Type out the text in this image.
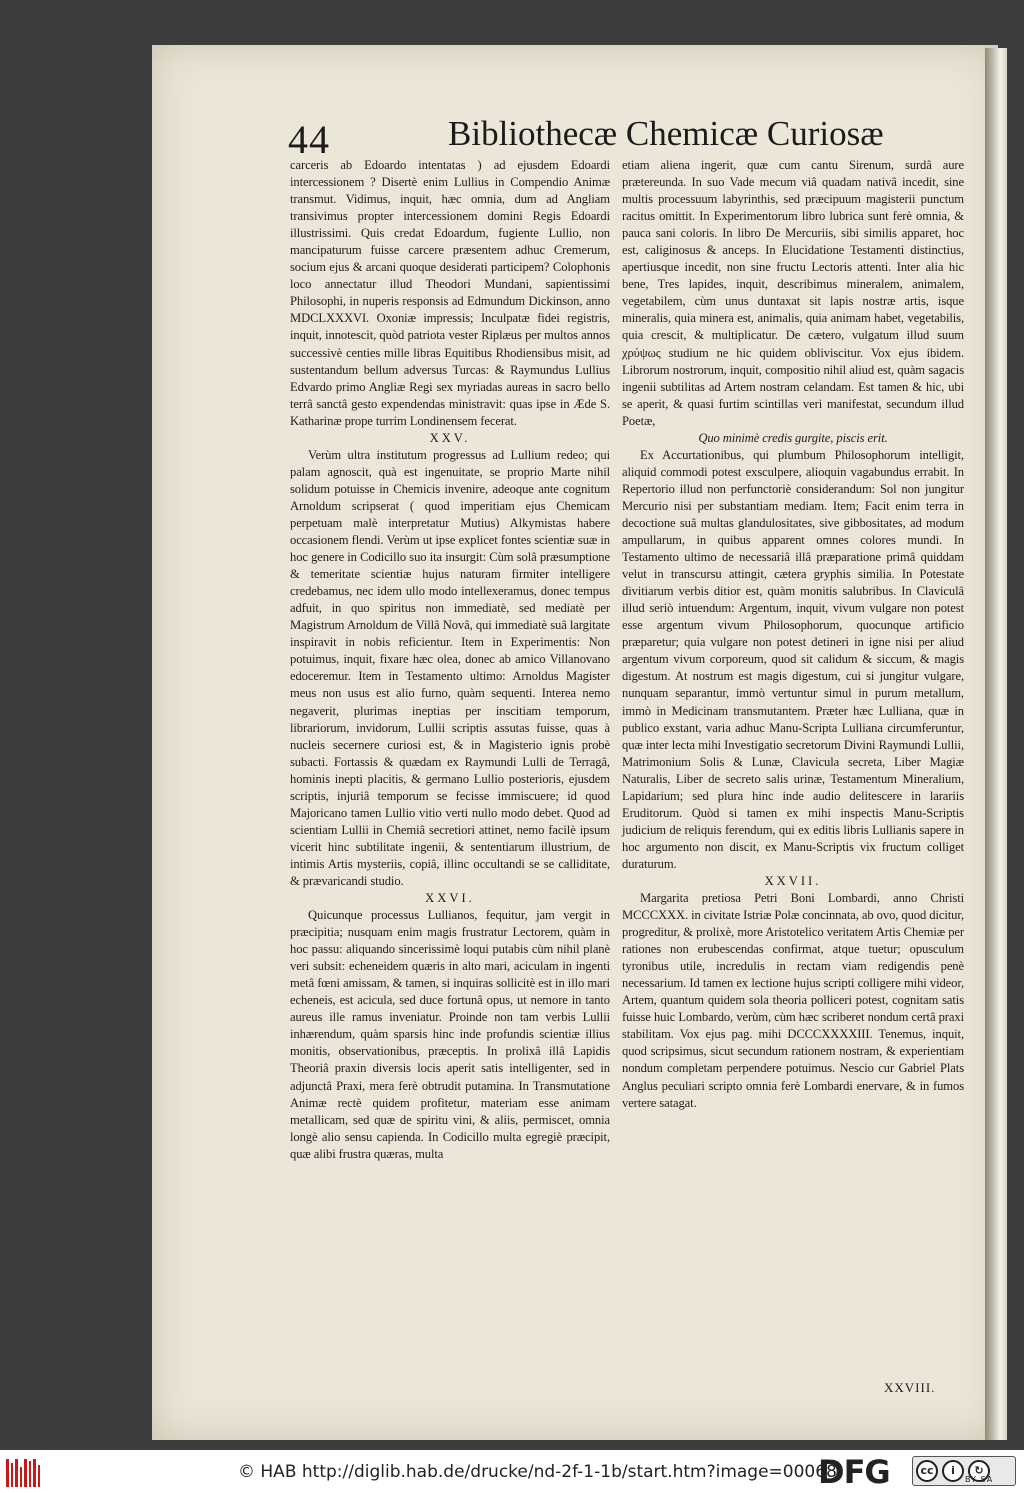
44	Bibliothecæ Chemicæ Curiosæ

carceris ab Edoardo intentatas ) ad ejusdem Edoardi intercessionem ? Disertè enim Lullius in Compendio Animæ transmut. Vidimus, inquit, hæc omnia, dum ad Angliam transivimus propter intercessionem domini Regis Edoardi illustrissimi. Quis credat Edoardum, fugiente Lullio, non mancipaturum fuisse carcere præsentem adhuc Cremerum, socium ejus & arcani quoque desiderati participem? Colophonis loco annectatur illud Theodori Mundani, sapientissimi Philosophi, in nuperis responsis ad Edmundum Dickinson, anno MDCLXXXVI. Oxoniæ impressis; Inculpatæ fidei registris, inquit, innotescit, quòd patriota vester Riplæus per multos annos successivè centies mille libras Equitibus Rhodiensibus misit, ad sustentandum bellum adversus Turcas: & Raymundus Lullius Edvardo primo Angliæ Regi sex myriadas aureas in sacro bello terrâ sanctâ gesto expendendas ministravit: quas ipse in Æde S. Katharinæ prope turrim Londinensem fecerat.

XXV.

Verùm ultra institutum progressus ad Lullium redeo; qui palam agnoscit, quà est ingenuitate, se proprio Marte nihil solidum potuisse in Chemicis invenire, adeoque ante cognitum Arnoldum scripserat ( quod imperitiam ejus Chemicam perpetuam malè interpretatur Mutius) Alkymistas habere occasionem flendi. Verùm ut ipse explicet fontes scientiæ suæ in hoc genere in Codicillo suo ita insurgit: Cùm solâ præsumptione & temeritate scientiæ hujus naturam firmiter intelligere credebamus, nec idem ullo modo intellexeramus, donec tempus adfuit, in quo spiritus non immediatè, sed mediatè per Magistrum Arnoldum de Villâ Novâ, qui immediatè suâ largitate inspiravit in nobis reficientur. Item in Experimentis: Non potuimus, inquit, fixare hæc olea, donec ab amico Villanovano edoceremur. Item in Testamento ultimo: Arnoldus Magister meus non usus est alio furno, quàm sequenti. Interea nemo negaverit, plurimas ineptias per inscitiam temporum, librariorum, invidorum, Lullii scriptis assutas fuisse, quas à nucleis secernere curiosi est, & in Magisterio ignis probè subacti. Fortassis & quædam ex Raymundi Lulli de Terragâ, hominis inepti placitis, & germano Lullio posterioris, ejusdem scriptis, injuriâ temporum se fecisse immiscuere; id quod Majoricano tamen Lullio vitio verti nullo modo debet. Quod ad scientiam Lullii in Chemiâ secretiori attinet, nemo facilè ipsum vicerit hinc subtilitate ingenii, & sententiarum illustrium, de intimis Artis mysteriis, copiâ, illinc occultandi se se calliditate, & prævaricandi studio.

XXVI.

Quicunque processus Lullianos, fequitur, jam vergit in præcipitia; nusquam enim magis frustratur Lectorem, quàm in hoc passu: aliquando sincerissimè loqui putabis cùm nihil planè veri subsit: echeneidem quæris in alto mari, aciculam in ingenti metâ fœni amissam, & tamen, si inquiras sollicitè est in illo mari echeneis, est acicula, sed duce fortunâ opus, ut nemore in tanto aureus ille ramus inveniatur. Proinde non tam verbis Lullii inhærendum, quàm sparsis hinc inde profundis scientiæ illius monitis, observationibus, præceptis. In prolixâ illâ Lapidis Theoriâ praxin diversis locis aperit satis intelligenter, sed in adjunctâ Praxi, mera ferè obtrudit putamina. In Transmutatione Animæ rectè quidem profitetur, materiam esse animam metallicam, sed quæ de spiritu vini, & aliis, permiscet, omnia longè alio sensu capienda. In Codicillo multa egregiè præcipit, quæ alibi frustra quæras, multa

etiam aliena ingerit, quæ cum cantu Sirenum, surdâ aure prætereunda. In suo Vade mecum viâ quadam nativâ incedit, sine multis processuum labyrinthis, sed præcipuum magisterii punctum racitus omittit. In Experimentorum libro lubrica sunt ferè omnia, & pauca sani coloris. In libro De Mercuriis, sibi similis apparet, hoc est, caliginosus & anceps. In Elucidatione Testamenti distinctius, apertiusque incedit, non sine fructu Lectoris attenti. Inter alia hic bene, Tres lapides, inquit, describimus mineralem, animalem, vegetabilem, cùm unus duntaxat sit lapis nostræ artis, isque mineralis, quia minera est, animalis, quia animam habet, vegetabilis, quia crescit, & multiplicatur. De cætero, vulgatum illud suum χρύψως studium ne hic quidem obliviscitur. Vox ejus ibidem. Librorum nostrorum, inquit, compositio nihil aliud est, quàm sagacis ingenii subtilitas ad Artem nostram celandam. Est tamen & hic, ubi se aperit, & quasi furtim scintillas veri manifestat, secundum illud Poetæ,

Quo minimè credis gurgite, piscis erit.

Ex Accurtationibus, qui plumbum Philosophorum intelligit, aliquid commodi potest exsculpere, alioquin vagabundus errabit. In Repertorio illud non perfunctoriè considerandum: Sol non jungitur Mercurio nisi per substantiam mediam. Item; Facit enim terra in decoctione suâ multas glandulositates, sive gibbositates, ad modum ampullarum, in quibus apparent omnes colores mundi. In Testamento ultimo de necessariâ illâ præparatione primâ quiddam velut in transcursu attingit, cætera gryphis similia. In Potestate divitiarum verbis ditior est, quàm monitis salubribus. In Claviculâ illud seriò intuendum: Argentum, inquit, vivum vulgare non potest esse argentum vivum Philosophorum, quocunque artificio præparetur; quia vulgare non potest detineri in igne nisi per aliud argentum vivum corporeum, quod sit calidum & siccum, & magis digestum. At nostrum est magis digestum, cui si jungitur vulgare, nunquam separantur, immò vertuntur simul in purum metallum, immò in Medicinam transmutantem. Præter hæc Lulliana, quæ in publico exstant, varia adhuc Manu-Scripta Lulliana circumferuntur, quæ inter lecta mihi Investigatio secretorum Divini Raymundi Lullii, Matrimonium Solis & Lunæ, Clavicula secreta, Liber Magiæ Naturalis, Liber de secreto salis urinæ, Testamentum Mineralium, Lapidarium; sed plura hinc inde audio delitescere in larariis Eruditorum. Quòd si tamen ex mihi inspectis Manu-Scriptis judicium de reliquis ferendum, qui ex editis libris Lullianis sapere in hoc argumento non discit, ex Manu-Scriptis vix fructum colliget duraturum.

XXVII.

Margarita pretiosa Petri Boni Lombardi, anno Christi MCCCXXX. in civitate Istriæ Polæ concinnata, ab ovo, quod dicitur, progreditur, & prolixè, more Aristotelico veritatem Artis Chemiæ per rationes non erubescendas confirmat, atque tuetur; opusculum tyronibus utile, incredulis in rectam viam redigendis penè necessarium. Id tamen ex lectione hujus scripti colligere mihi videor, Artem, quantum quidem sola theoria polliceri potest, cognitam satis fuisse huic Lombardo, verùm, cùm hæc scriberet nondum certâ praxi stabilitam. Vox ejus pag. mihi DCCCXXXXIII. Tenemus, inquit, quod scripsimus, sicut secundum rationem nostram, & experientiam nondum completam perpendere potuimus. Nescio cur Gabriel Plats Anglus peculiari scripto omnia ferè Lombardi enervare, & in fumos vertere satagat.

XXVIII.
© HAB http://diglib.hab.de/drucke/nd-2f-1-1b/start.htm?image=00068
DFG	cc	i	↻
BY SA
